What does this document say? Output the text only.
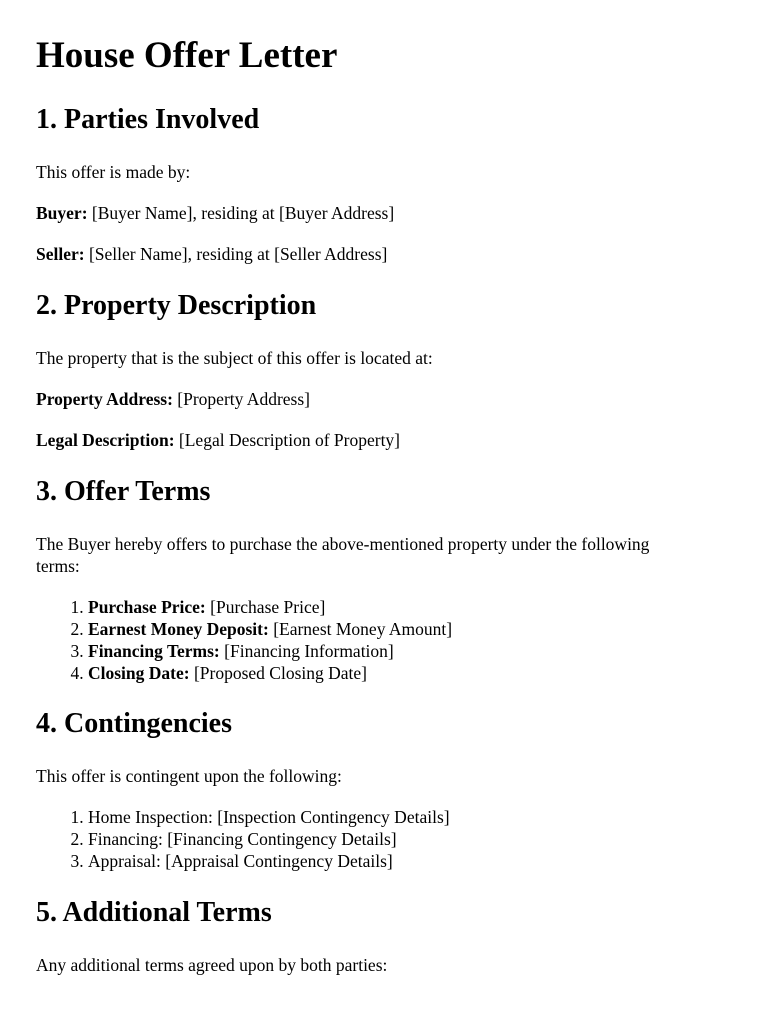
House Offer Letter
1. Parties Involved

This offer is made by:

Buyer: [Buyer Name], residing at [Buyer Address]

Seller: [Seller Name], residing at [Seller Address]

2. Property Description

The property that is the subject of this offer is located at:

Property Address: [Property Address]

Legal Description: [Legal Description of Property]

3. Offer Terms

The Buyer hereby offers to purchase the above-mentioned property under the following terms:

1. Purchase Price: [Purchase Price]
2. Earnest Money Deposit: [Earnest Money Amount]
3. Financing Terms: [Financing Information]
4. Closing Date: [Proposed Closing Date]
4. Contingencies

This offer is contingent upon the following:

1. Home Inspection: [Inspection Contingency Details]
2. Financing: [Financing Contingency Details]
3. Appraisal: [Appraisal Contingency Details]
5. Additional Terms

Any additional terms agreed upon by both parties:
